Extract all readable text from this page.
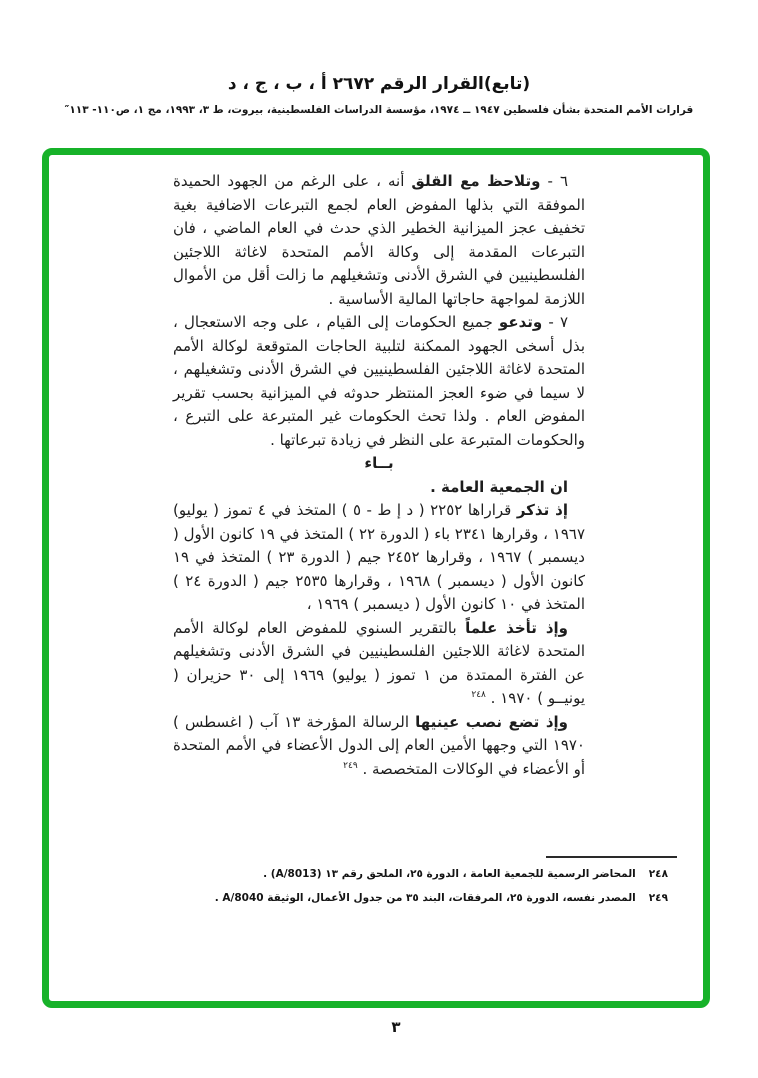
(تابع)القرار الرقم ٢٦٧٢ أ ، ب ، ج ، د
قرارات الأمم المتحدة بشأن فلسطين ١٩٤٧ ــ ١٩٧٤، مؤسسة الدراسات الفلسطينية، بيروت، ط ٣، ١٩٩٣، مج ١، ص١١٠- ١١٣″

٦ - وتلاحظ مع القلق أنه ، على الرغم من الجهود الحميدة الموفقة التي بذلها المفوض العام لجمع التبرعات الاضافية بغية تخفيف عجز الميزانية الخطير الذي حدث في العام الماضي ، فان التبرعات المقدمة إلى وكالة الأمم المتحدة لاغاثة اللاجئين الفلسطينيين في الشرق الأدنى وتشغيلهم ما زالت أقل من الأموال اللازمة لمواجهة حاجاتها المالية الأساسية .

٧ - وتدعو جميع الحكومات إلى القيام ، على وجه الاستعجال ، بذل أسخى الجهود الممكنة لتلبية الحاجات المتوقعة لوكالة الأمم المتحدة لاغاثة اللاجئين الفلسطينيين في الشرق الأدنى وتشغيلهم ، لا سيما في ضوء العجز المنتظر حدوثه في الميزانية بحسب تقرير المفوض العام . ولذا تحث الحكومات غير المتبرعة على التبرع ، والحكومات المتبرعة على النظر في زيادة تبرعاتها .

بــاء

ان الجمعية العامة .

إذ تذكر قراراها ٢٢٥٢ ( د إ ط - ٥ ) المتخذ في ٤ تموز ( يوليو) ١٩٦٧ ، وقرارها ٢٣٤١ باء ( الدورة ٢٢ ) المتخذ في ١٩ كانون الأول ( ديسمبر ) ١٩٦٧ ، وقرارها ٢٤٥٢ جيم ( الدورة ٢٣ ) المتخذ في ١٩ كانون الأول ( ديسمبر ) ١٩٦٨ ، وقرارها ٢٥٣٥ جيم ( الدورة ٢٤ ) المتخذ في ١٠ كانون الأول ( ديسمبر ) ١٩٦٩ ،

وإذ تأخذ علماً بالتقرير السنوي للمفوض العام لوكالة الأمم المتحدة لاغاثة اللاجئين الفلسطينيين في الشرق الأدنى وتشغيلهم عن الفترة الممتدة من ١ تموز ( يوليو) ١٩٦٩ إلى ٣٠ حزيران ( يونيــو ) ١٩٧٠ . $^{٢٤٨}$

وإذ تضع نصب عينيها الرسالة المؤرخة ١٣ آب ( اغسطس ) ١٩٧٠ التي وجهها الأمين العام إلى الدول الأعضاء في الأمم المتحدة أو الأعضاء في الوكالات المتخصصة . $^{٢٤٩}$

٢٤٨
المحاضر الرسمية للجمعية العامة ، الدورة ٢٥، الملحق رقم ١٣ (A/8013) .
٢٤٩
المصدر نفسه، الدورة ٢٥، المرفقات، البند ٣٥ من جدول الأعمال، الوثيقة A/8040 .
٣
